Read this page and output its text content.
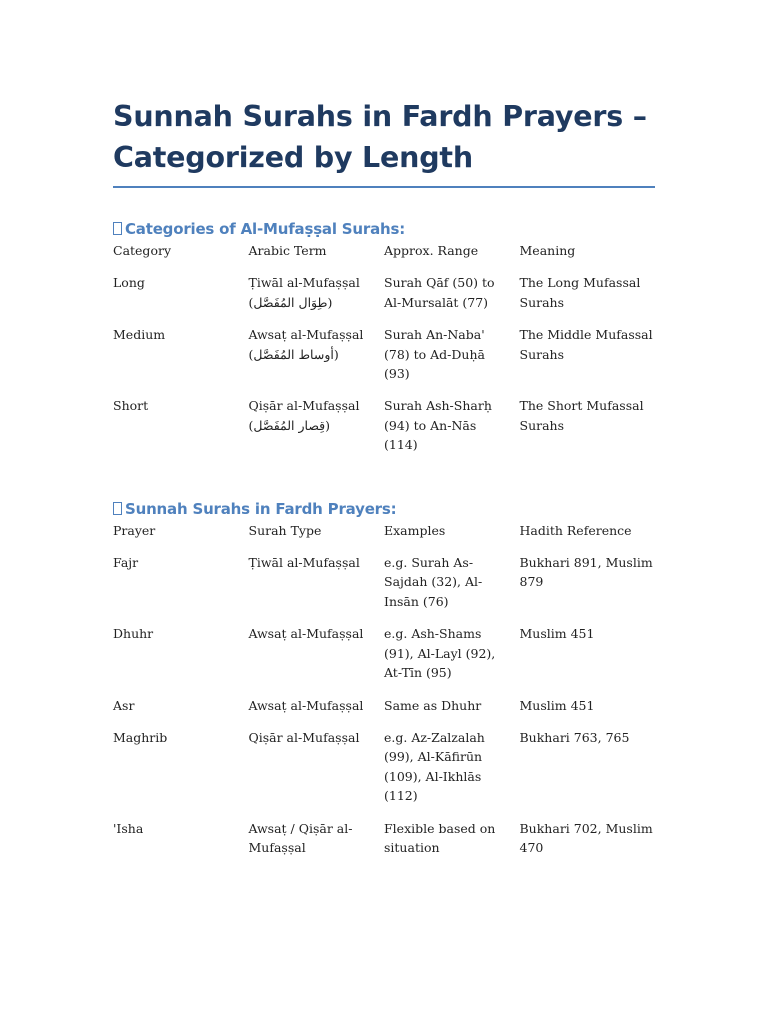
Sunnah Surahs in Fardh Prayers – Categorized by Length
Categories of Al-Mufaṣṣal Surahs:
Category	Arabic Term	Approx. Range	Meaning
Long	Ṭiwāl al-Mufaṣṣal (طِوَال المُفَصَّل)	Surah Qāf (50) to Al-Mursalāt (77)	The Long Mufassal Surahs
Medium	Awsaṭ al-Mufaṣṣal (أوساط المُفَصَّل)	Surah An-Naba' (78) to Ad-Duḥā (93)	The Middle Mufassal Surahs
Short	Qiṣār al-Mufaṣṣal (قِصار المُفَصَّل)	Surah Ash-Sharḥ (94) to An-Nās (114)	The Short Mufassal Surahs
Sunnah Surahs in Fardh Prayers:
Prayer	Surah Type	Examples	Hadith Reference
Fajr	Ṭiwāl al-Mufaṣṣal	e.g. Surah As-Sajdah (32), Al-Insān (76)	Bukhari 891, Muslim 879
Dhuhr	Awsaṭ al-Mufaṣṣal	e.g. Ash-Shams (91), Al-Layl (92), At-Tīn (95)	Muslim 451
Asr	Awsaṭ al-Mufaṣṣal	Same as Dhuhr	Muslim 451
Maghrib	Qiṣār al-Mufaṣṣal	e.g. Az-Zalzalah (99), Al-Kāfirūn (109), Al-Ikhlās (112)	Bukhari 763, 765
'Isha	Awsaṭ / Qiṣār al-Mufaṣṣal	Flexible based on situation	Bukhari 702, Muslim 470
